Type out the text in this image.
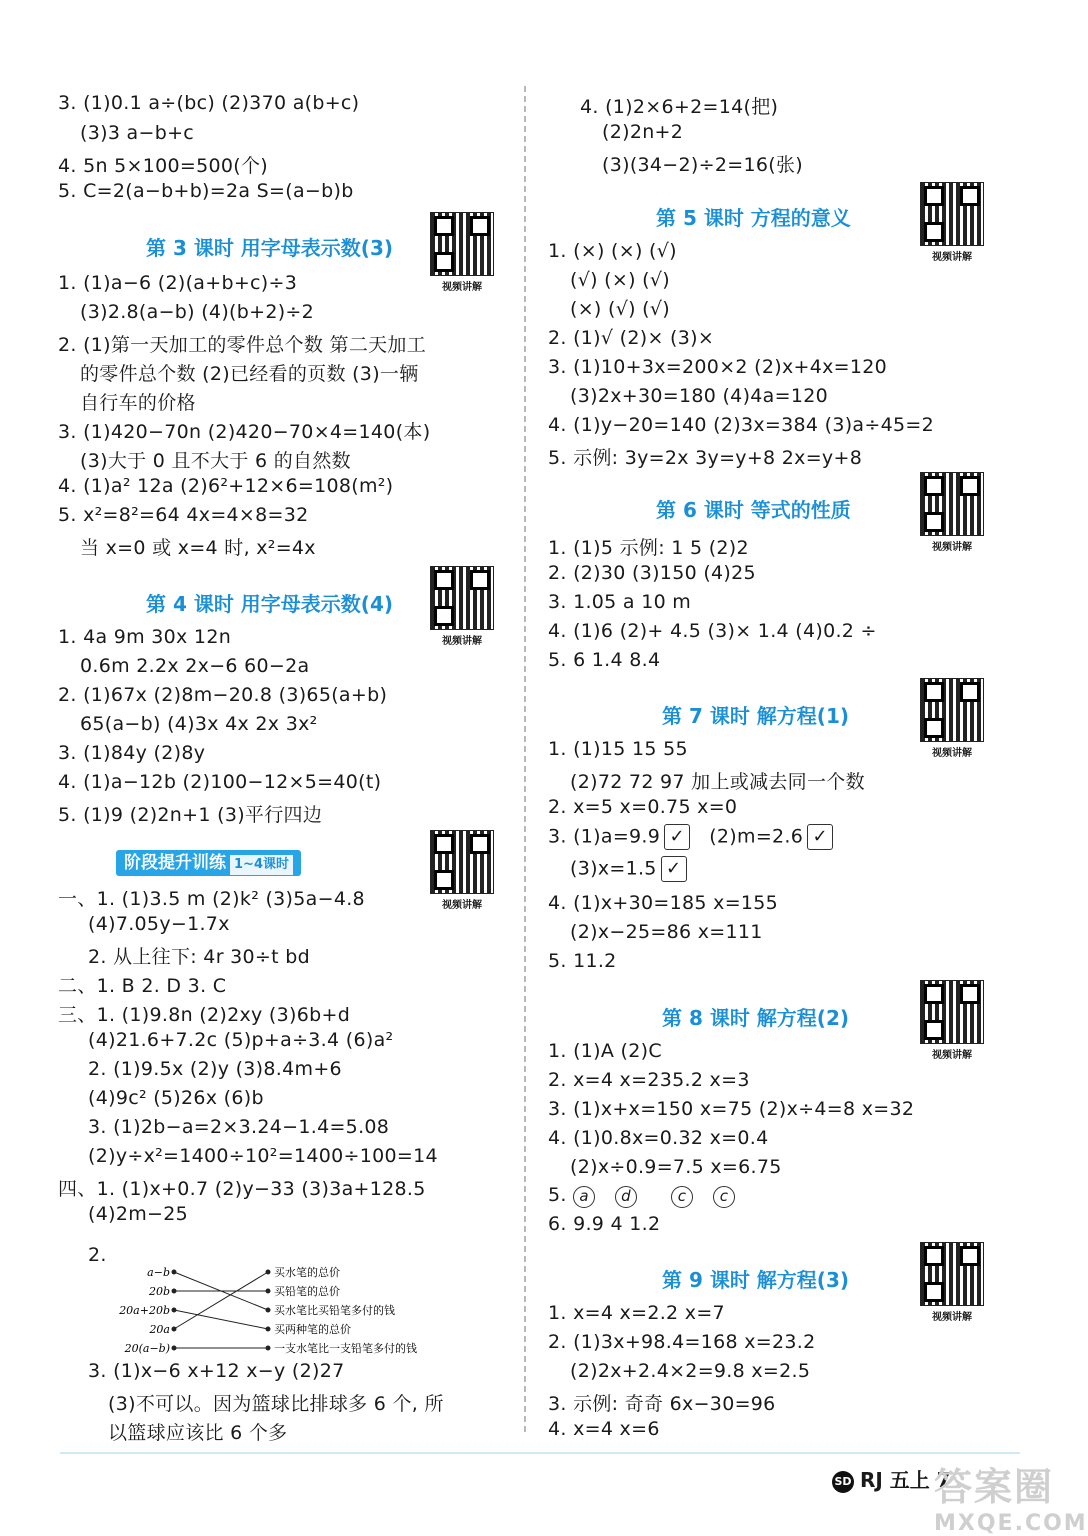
3. (1)0.1 a÷(bc) (2)370 a(b+c)
(3)3 a−b+c
4. 5n 5×100=500(个)
5. C=2(a−b+b)=2a S=(a−b)b
第 3 课时 用字母表示数(3)
视频讲解
1. (1)a−6 (2)(a+b+c)÷3
(3)2.8(a−b) (4)(b+2)÷2
2. (1)第一天加工的零件总个数 第二天加工
的零件总个数 (2)已经看的页数 (3)一辆
自行车的价格
3. (1)420−70n (2)420−70×4=140(本)
(3)大于 0 且不大于 6 的自然数
4. (1)a² 12a (2)6²+12×6=108(m²)
5. x²=8²=64 4x=4×8=32
当 x=0 或 x=4 时, x²=4x
第 4 课时 用字母表示数(4)
视频讲解
1. 4a 9m 30x 12n
0.6m 2.2x 2x−6 60−2a
2. (1)67x (2)8m−20.8 (3)65(a+b)
65(a−b) (4)3x 4x 2x 3x²
3. (1)84y (2)8y
4. (1)a−12b (2)100−12×5=40(t)
5. (1)9 (2)2n+1 (3)平行四边
视频讲解
一、1. (1)3.5 m (2)k² (3)5a−4.8
(4)7.05y−1.7x
2. 从上往下: 4r 30÷t bd
二、1. B 2. D 3. C
三、1. (1)9.8n (2)2xy (3)6b+d
(4)21.6+7.2c (5)p+a÷3.4 (6)a²
2. (1)9.5x (2)y (3)8.4m+6
(4)9c² (5)26x (6)b
3. (1)2b−a=2×3.24−1.4=5.08
(2)y÷x²=1400÷10²=1400÷100=14
四、1. (1)x+0.7 (2)y−33 (3)3a+128.5
(4)2m−25
2.
3. (1)x−6 x+12 x−y (2)27
(3)不可以。因为篮球比排球多 6 个, 所
以篮球应该比 6 个多
阶段提升训练 1~4课时
a−b
20b
20a+20b
20a
20(a−b)
买水笔的总价
买铅笔的总价
买水笔比买铅笔多付的钱
买两种笔的总价
一支水笔比一支铅笔多付的钱
4. (1)2×6+2=14(把)
(2)2n+2
(3)(34−2)÷2=16(张)
第 5 课时 方程的意义
视频讲解
1. (×) (×) (√)
(√) (×) (√)
(×) (√) (√)
2. (1)√ (2)× (3)×
3. (1)10+3x=200×2 (2)x+4x=120
(3)2x+30=180 (4)4a=120
4. (1)y−20=140 (2)3x=384 (3)a÷45=2
5. 示例: 3y=2x 3y=y+8 2x=y+8
第 6 课时 等式的性质
视频讲解
1. (1)5 示例: 1 5 (2)2
2. (2)30 (3)150 (4)25
3. 1.05 a 10 m
4. (1)6 (2)+ 4.5 (3)× 1.4 (4)0.2 ÷
5. 6 1.4 8.4
第 7 课时 解方程(1)
视频讲解
1. (1)15 15 55
(2)72 72 97 加上或减去同一个数
2. x=5 x=0.75 x=0
3. (1)a=9.9 ✓ (2)m=2.6 ✓
(3)x=1.5 ✓
4. (1)x+30=185 x=155
(2)x−25=86 x=111
5. 11.2
第 8 课时 解方程(2)
视频讲解
1. (1)A (2)C
2. x=4 x=235.2 x=3
3. (1)x+x=150 x=75 (2)x÷4=8 x=32
4. (1)0.8x=0.32 x=0.4
(2)x÷0.9=7.5 x=6.75
5. a d	c c
6. 9.9 4 1.2
第 9 课时 解方程(3)
视频讲解
1. x=4 x=2.2 x=7
2. (1)3x+98.4=168 x=23.2
(2)2x+2.4×2=9.8 x=2.5
3. 示例: 奇奇 6x−30=96
4. x=4 x=6
SD RJ 五上 7
答案圈
MXQE.COM
